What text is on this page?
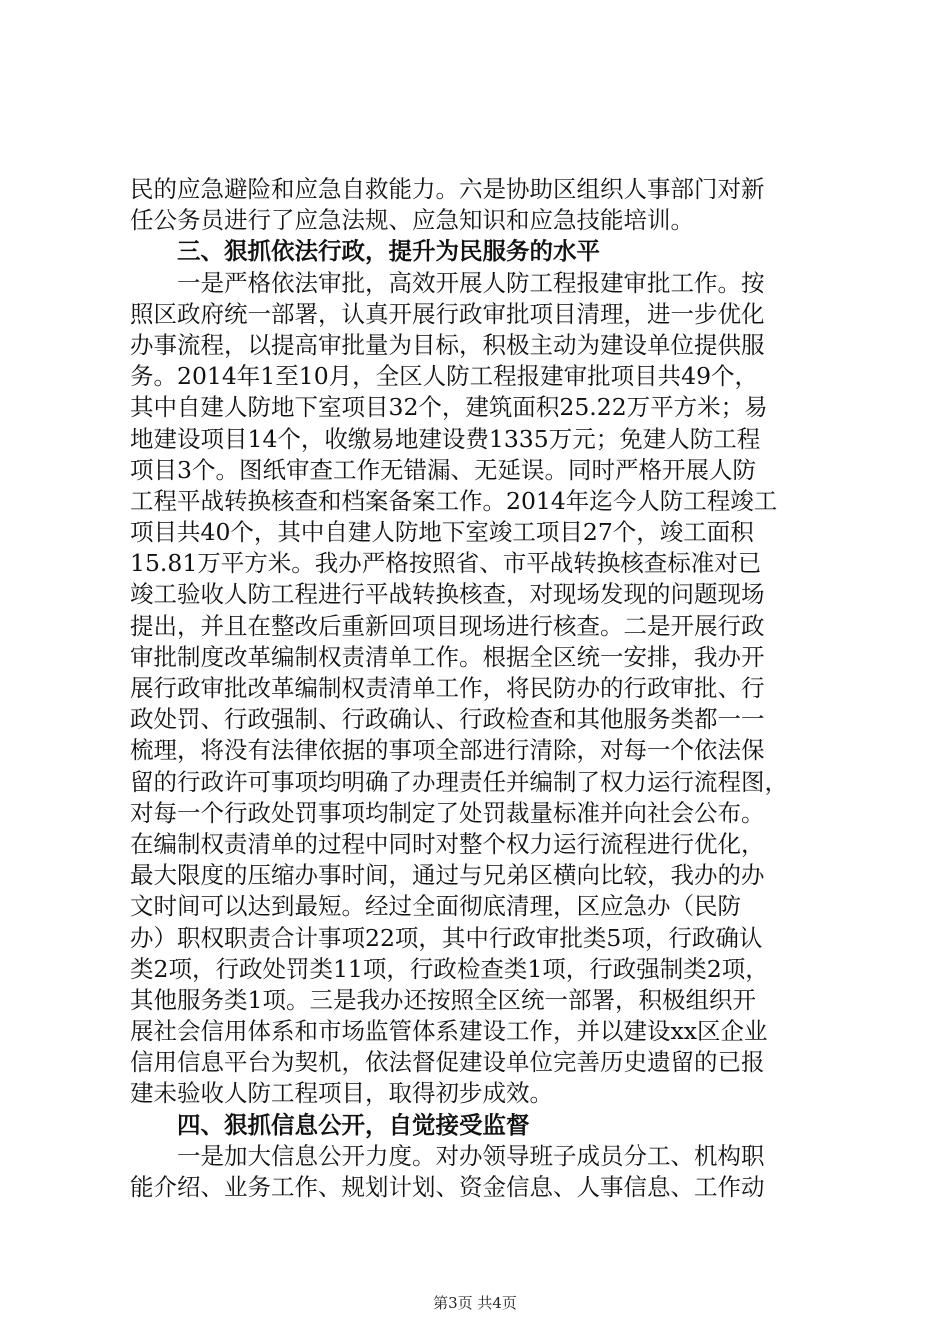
民的应急避险和应急自救能力。六是协助区组织人事部门对新
任公务员进行了应急法规、应急知识和应急技能培训。
三、狠抓依法行政，提升为民服务的水平
一是严格依法审批，高效开展人防工程报建审批工作。按
照区政府统一部署，认真开展行政审批项目清理，进一步优化
办事流程，以提高审批量为目标，积极主动为建设单位提供服
务。2014年1至10月，全区人防工程报建审批项目共49个，
其中自建人防地下室项目32个，建筑面积25.22万平方米；易
地建设项目14个，收缴易地建设费1335万元；免建人防工程
项目3个。图纸审查工作无错漏、无延误。同时严格开展人防
工程平战转换核查和档案备案工作。2014年迄今人防工程竣工
项目共40个，其中自建人防地下室竣工项目27个，竣工面积
15.81万平方米。我办严格按照省、市平战转换核查标准对已
竣工验收人防工程进行平战转换核查，对现场发现的问题现场
提出，并且在整改后重新回项目现场进行核查。二是开展行政
审批制度改革编制权责清单工作。根据全区统一安排，我办开
展行政审批改革编制权责清单工作，将民防办的行政审批、行
政处罚、行政强制、行政确认、行政检查和其他服务类都一一
梳理，将没有法律依据的事项全部进行清除，对每一个依法保
留的行政许可事项均明确了办理责任并编制了权力运行流程图，
对每一个行政处罚事项均制定了处罚裁量标准并向社会公布。
在编制权责清单的过程中同时对整个权力运行流程进行优化，
最大限度的压缩办事时间，通过与兄弟区横向比较，我办的办
文时间可以达到最短。经过全面彻底清理，区应急办（民防
办）职权职责合计事项22项，其中行政审批类5项，行政确认
类2项，行政处罚类11项，行政检查类1项，行政强制类2项，
其他服务类1项。三是我办还按照全区统一部署，积极组织开
展社会信用体系和市场监管体系建设工作，并以建设xx区企业
信用信息平台为契机，依法督促建设单位完善历史遗留的已报
建未验收人防工程项目，取得初步成效。
四、狠抓信息公开，自觉接受监督
一是加大信息公开力度。对办领导班子成员分工、机构职
能介绍、业务工作、规划计划、资金信息、人事信息、工作动
第3页 共4页
